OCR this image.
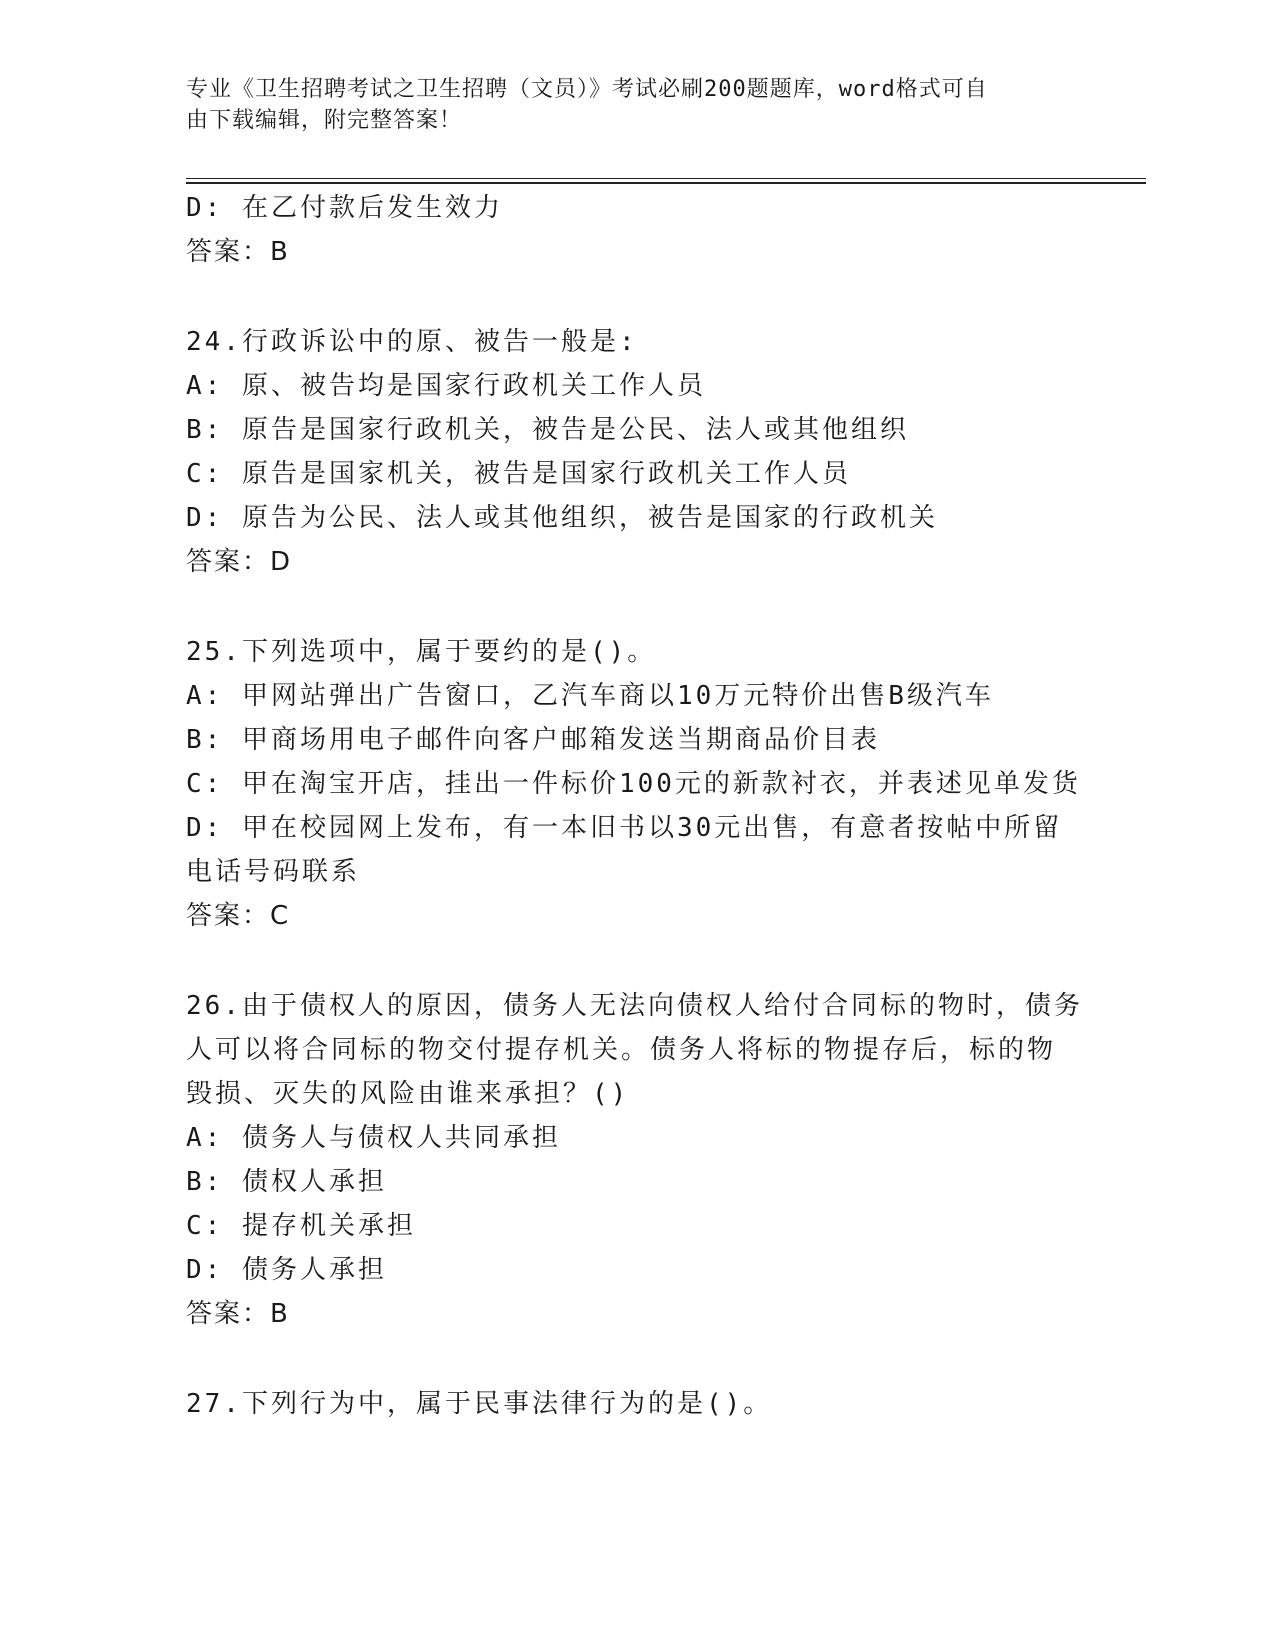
专业《卫生招聘考试之卫生招聘（文员）》考试必刷200题题库，word格式可自
由下载编辑，附完整答案！
D: 在乙付款后发生效力
答案：B
24.行政诉讼中的原、被告一般是:
A: 原、被告均是国家行政机关工作人员
B: 原告是国家行政机关，被告是公民、法人或其他组织
C: 原告是国家机关，被告是国家行政机关工作人员
D: 原告为公民、法人或其他组织，被告是国家的行政机关
答案：D
25.下列选项中，属于要约的是()。
A: 甲网站弹出广告窗口，乙汽车商以10万元特价出售B级汽车
B: 甲商场用电子邮件向客户邮箱发送当期商品价目表
C: 甲在淘宝开店，挂出一件标价100元的新款衬衣，并表述见单发货
D: 甲在校园网上发布，有一本旧书以30元出售，有意者按帖中所留
电话号码联系
答案：C
26.由于债权人的原因，债务人无法向债权人给付合同标的物时，债务
人可以将合同标的物交付提存机关。债务人将标的物提存后，标的物
毁损、灭失的风险由谁来承担？()
A: 债务人与债权人共同承担
B: 债权人承担
C: 提存机关承担
D: 债务人承担
答案：B
27.下列行为中，属于民事法律行为的是()。
